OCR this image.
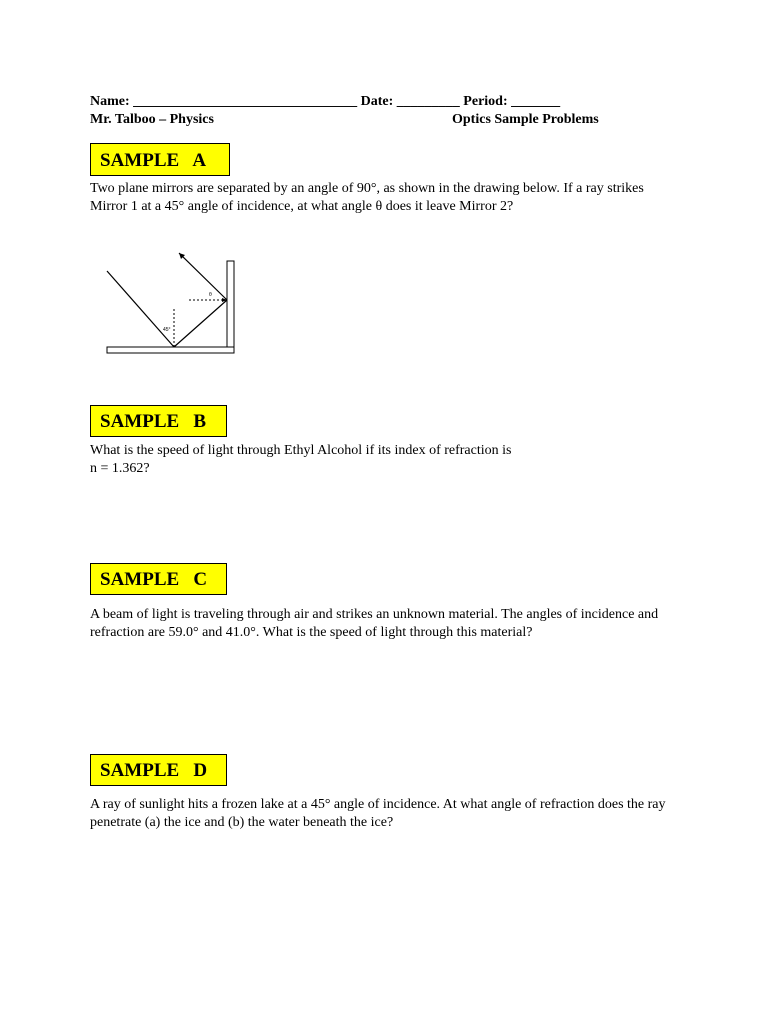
Name: ________________________________ Date: _________ Period: _______
Mr. Talboo – Physics	Optics Sample Problems
SAMPLE   A
Two plane mirrors are separated by an angle of 90°, as shown in the drawing below. If a ray strikes Mirror 1 at a 45° angle of incidence, at what angle θ does it leave Mirror 2?
45°
θ
SAMPLE   B
What is the speed of light through Ethyl Alcohol if its index of refraction is
n = 1.362?
SAMPLE   C
A beam of light is traveling through air and strikes an unknown material. The angles of incidence and refraction are 59.0° and 41.0°. What is the speed of light through this material?
SAMPLE   D
A ray of sunlight hits a frozen lake at a 45° angle of incidence. At what angle of refraction does the ray penetrate (a) the ice and (b) the water beneath the ice?
